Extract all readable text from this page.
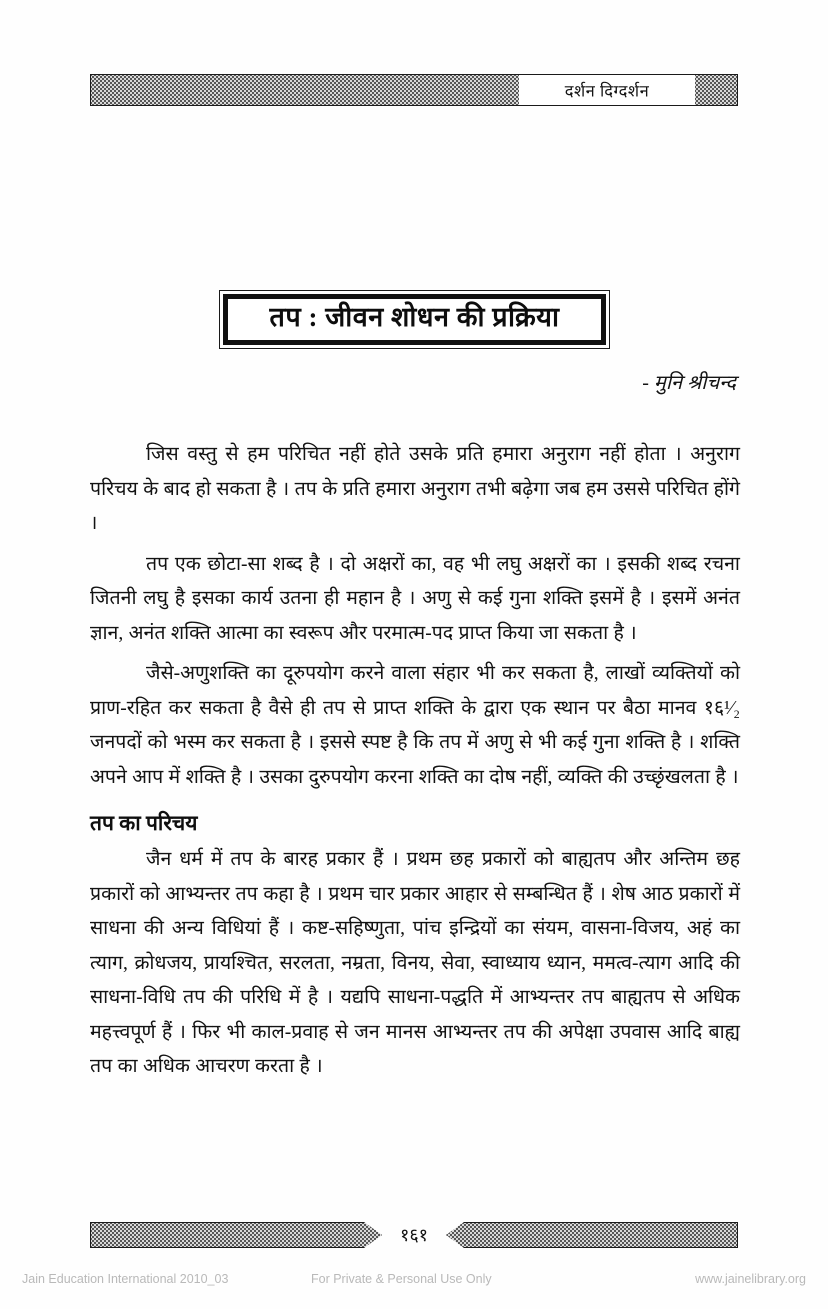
दर्शन दिग्दर्शन
तप : जीवन शोधन की प्रक्रिया
- मुनि श्रीचन्द

जिस वस्तु से हम परिचित नहीं होते उसके प्रति हमारा अनुराग नहीं होता । अनुराग परिचय के बाद हो सकता है । तप के प्रति हमारा अनुराग तभी बढ़ेगा जब हम उससे परिचित होंगे ।

तप एक छोटा-सा शब्द है । दो अक्षरों का, वह भी लघु अक्षरों का । इसकी शब्द रचना जितनी लघु है इसका कार्य उतना ही महान है । अणु से कई गुना शक्ति इसमें है । इसमें अनंत ज्ञान, अनंत शक्ति आत्मा का स्वरूप और परमात्म-पद प्राप्त किया जा सकता है ।

जैसे-अणुशक्ति का दूरुपयोग करने वाला संहार भी कर सकता है, लाखों व्यक्तियों को प्राण-रहित कर सकता है वैसे ही तप से प्राप्त शक्ति के द्वारा एक स्थान पर बैठा मानव १६¹⁄₂ जनपदों को भस्म कर सकता है । इससे स्पष्ट है कि तप में अणु से भी कई गुना शक्ति है । शक्ति अपने आप में शक्ति है । उसका दुरुपयोग करना शक्ति का दोष नहीं, व्यक्ति की उच्छृंखलता है ।

तप का परिचय

जैन धर्म में तप के बारह प्रकार हैं । प्रथम छह प्रकारों को बाह्यतप और अन्तिम छह प्रकारों को आभ्यन्तर तप कहा है । प्रथम चार प्रकार आहार से सम्बन्धित हैं । शेष आठ प्रकारों में साधना की अन्य विधियां हैं । कष्ट-सहिष्णुता, पांच इन्द्रियों का संयम, वासना-विजय, अहं का त्याग, क्रोधजय, प्रायश्चित, सरलता, नम्रता, विनय, सेवा, स्वाध्याय ध्यान, ममत्व-त्याग आदि की साधना-विधि तप की परिधि में है । यद्यपि साधना-पद्धति में आभ्यन्तर तप बाह्यतप से अधिक महत्त्वपूर्ण हैं । फिर भी काल-प्रवाह से जन मानस आभ्यन्तर तप की अपेक्षा उपवास आदि बाह्य तप का अधिक आचरण करता है ।

१६१
Jain Education International 2010_03	For Private & Personal Use Only	www.jainelibrary.org
